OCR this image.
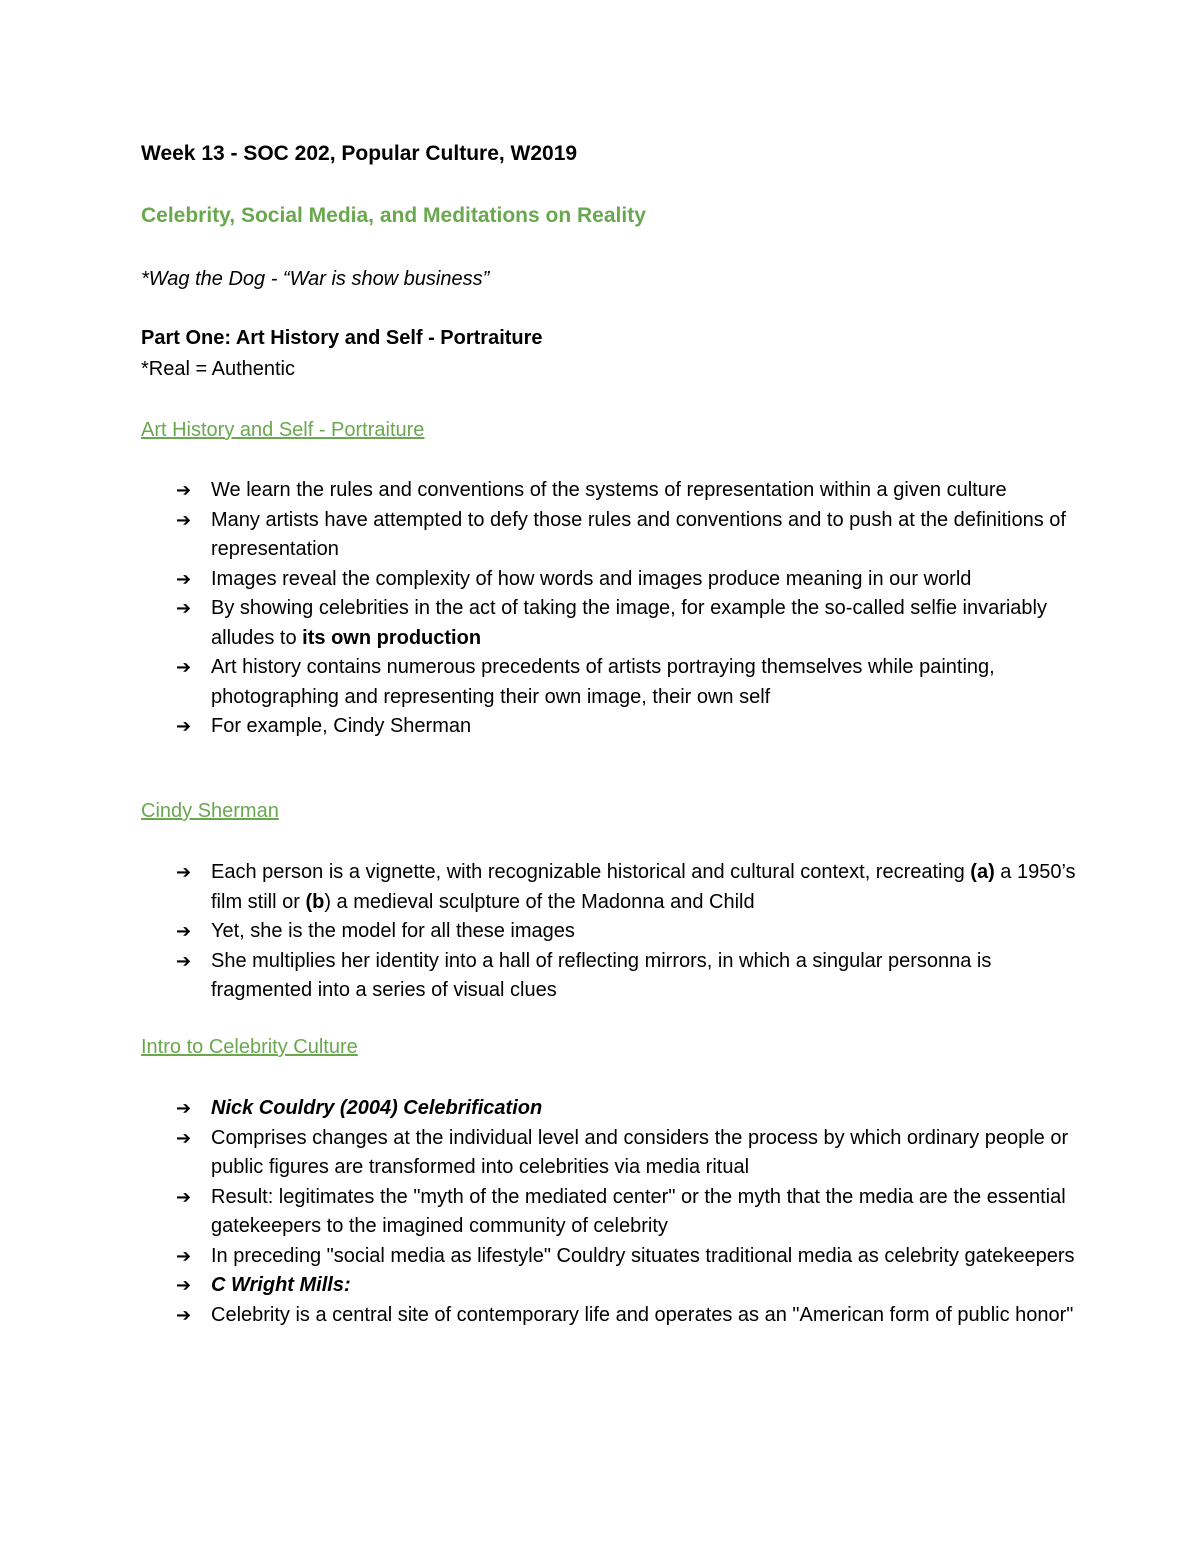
Week 13 - SOC 202, Popular Culture, W2019
Celebrity, Social Media, and Meditations on Reality
*Wag the Dog - “War is show business”
Part One: Art History and Self - Portraiture
*Real = Authentic
Art History and Self - Portraiture
➔ We learn the rules and conventions of the systems of representation within a given culture
➔ Many artists have attempted to defy those rules and conventions and to push at the definitions of representation
➔ Images reveal the complexity of how words and images produce meaning in our world
➔ By showing celebrities in the act of taking the image, for example the so-called selfie invariably alludes to its own production
➔ Art history contains numerous precedents of artists portraying themselves while painting, photographing and representing their own image, their own self
➔ For example, Cindy Sherman
Cindy Sherman
➔ Each person is a vignette, with recognizable historical and cultural context, recreating (a) a 1950’s film still or (b) a medieval sculpture of the Madonna and Child
➔ Yet, she is the model for all these images
➔ She multiplies her identity into a hall of reflecting mirrors, in which a singular personna is fragmented into a series of visual clues
Intro to Celebrity Culture
➔ Nick Couldry (2004) Celebrification
➔ Comprises changes at the individual level and considers the process by which ordinary people or public figures are transformed into celebrities via media ritual
➔ Result: legitimates the "myth of the mediated center" or the myth that the media are the essential gatekeepers to the imagined community of celebrity
➔ In preceding "social media as lifestyle" Couldry situates traditional media as celebrity gatekeepers
➔ C Wright Mills:
➔ Celebrity is a central site of contemporary life and operates as an "American form of public honor"
